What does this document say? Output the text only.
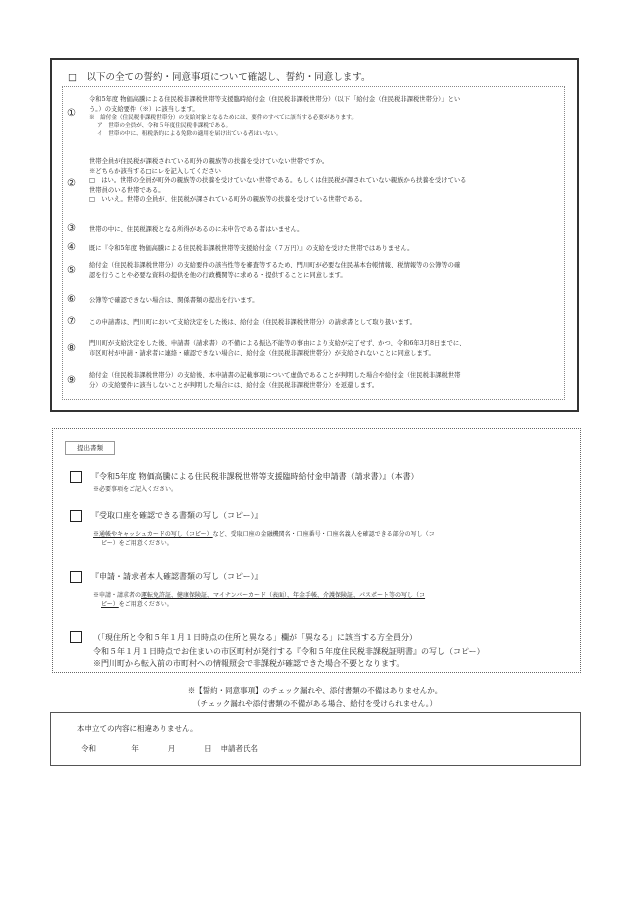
□　以下の全ての誓約・同意事項について確認し、誓約・同意します。
①
令和5年度 物価高騰による住民税非課税世帯等支援臨時給付金（住民税非課税世帯分）（以下「給付金（住民税非課税世帯分）」とい
う。）の支給要件（※）に該当します。
※　給付金（住民税非課税世帯分）の支給対象となるためには、要件のすべてに該当する必要があります。
ア　世帯の全員が、令和５年度住民税非課税である。
イ　世帯の中に、租税条約による免除の適用を届け出ている者はいない。
②
世帯全員が住民税が課税されている町外の親族等の扶養を受けていない世帯ですか。
※どちらか該当する□にレを記入してください
□　はい。世帯の全員が町外の親族等の扶養を受けていない世帯である。もしくは住民税が課されていない親族から扶養を受けている
世帯員のいる世帯である。
□　いいえ。世帯の全員が、住民税が課されている町外の親族等の扶養を受けている世帯である。
③ 世帯の中に、住民税課税となる所得があるのに未申告である者はいません。
④ 既に『令和5年度 物価高騰による住民税非課税世帯等支援給付金（７万円）』の支給を受けた世帯ではありません。
⑤ 給付金（住民税非課税世帯分）の支給要件の該当性等を審査等するため、門川町が必要な住民基本台帳情報、税情報等の公簿等の確
認を行うことや必要な資料の提供を他の行政機関等に求める・提供することに同意します。
⑥ 公簿等で確認できない場合は、関係書類の提出を行います。
⑦ この申請書は、門川町において支給決定をした後は、給付金（住民税非課税世帯分）の請求書として取り扱います。
⑧ 門川町が支給決定をした後、申請書（請求書）の不備による振込不能等の事由により支給が完了せず、かつ、令和6年3月8日までに、
市区町村が申請・請求者に連絡・確認できない場合に、給付金（住民税非課税世帯分）が支給されないことに同意します。
⑨ 給付金（住民税非課税世帯分）の支給後、本申請書の記載事項について虚偽であることが判明した場合や給付金（住民税非課税世帯
分）の支給要件に該当しないことが判明した場合には、給付金（住民税非課税世帯分）を返還します。
提出書類
『令和5年度 物価高騰による住民税非課税世帯等支援臨時給付金申請書（請求書）』（本書）
※必要事項をご記入ください。
『受取口座を確認できる書類の写し（コピー）』
※通帳やキャッシュカードの写し（コピー）など、受取口座の金融機関名・口座番号・口座名義人を確認できる部分の写し（コ
ピー）をご用意ください。
『申請・請求者本人確認書類の写し（コピー）』
※申請・請求者の運転免許証、健康保険証、マイナンバーカード（表面）、年金手帳、介護保険証、パスポート等の写し（コ
ピー）をご用意ください。
（「現住所と令和５年１月１日時点の住所と異なる」欄が「異なる」に該当する方全員分）
令和５年１月１日時点でお住まいの市区町村が発行する『令和５年度住民税非課税証明書』の写し（コピー）
※門川町から転入前の市町村への情報照会で非課税が確認できた場合不要となります。
※【誓約・同意事項】のチェック漏れや、添付書類の不備はありませんか。
（チェック漏れや添付書類の不備がある場合、給付を受けられません。）
本申立ての内容に相違ありません。
令和	年	月	日 申請者氏名
